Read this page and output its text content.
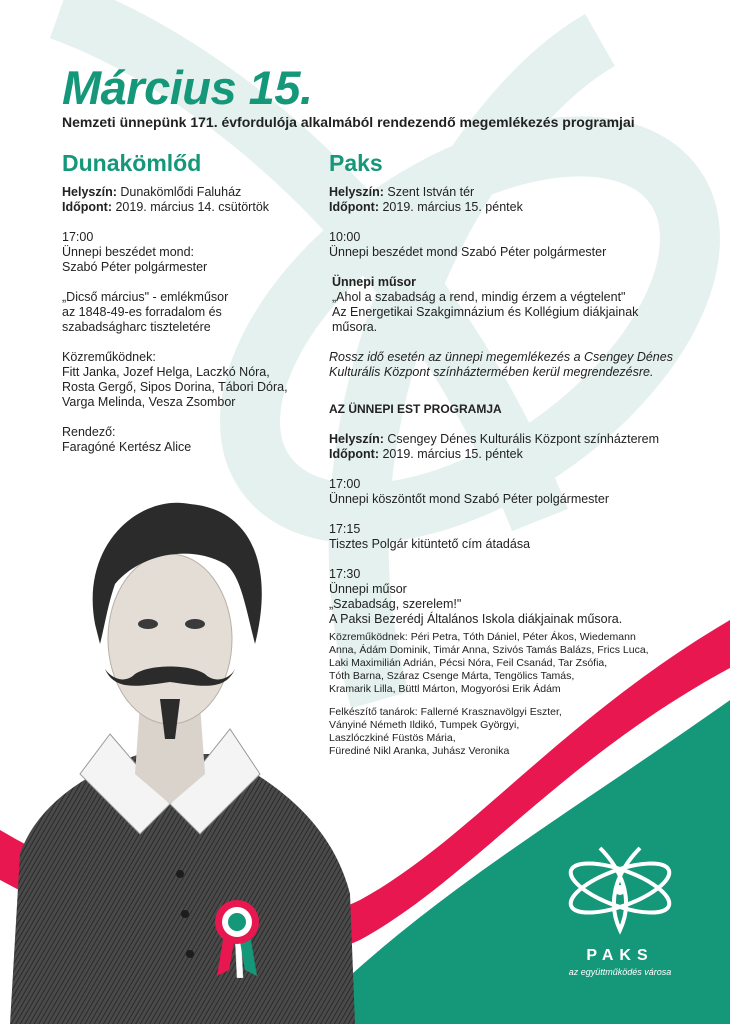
Március 15.
Nemzeti ünnepünk 171. évfordulója alkalmából rendezendő megemlékezés programjai
Dunakömlőd

Helyszín: Dunakömlődi Faluház
Időpont: 2019. március 14. csütörtök

17:00
Ünnepi beszédet mond:
Szabó Péter polgármester

„Dicső március" - emlékműsor
az 1848-49-es forradalom és
szabadságharc tiszteletére

Közreműködnek:
Fitt Janka, Jozef Helga, Laczkó Nóra,
Rosta Gergő, Sipos Dorina, Tábori Dóra,
Varga Melinda, Vesza Zsombor

Rendező:
Faragóné Kertész Alice

Paks

Helyszín: Szent István tér
Időpont: 2019. március 15. péntek

10:00
Ünnepi beszédet mond Szabó Péter polgármester

Ünnepi műsor
„Ahol a szabadság a rend, mindig érzem a végtelent"
Az Energetikai Szakgimnázium és Kollégium diákjainak
műsora.

Rossz idő esetén az ünnepi megemlékezés a Csengey Dénes
Kulturális Központ színháztermében kerül megrendezésre.

AZ ÜNNEPI EST PROGRAMJA

Helyszín: Csengey Dénes Kulturális Központ színházterem
Időpont: 2019. március 15. péntek

17:00
Ünnepi köszöntőt mond Szabó Péter polgármester

17:15
Tisztes Polgár kitüntető cím átadása

17:30
Ünnepi műsor
„Szabadság, szerelem!"
A Paksi Bezerédj Általános Iskola diákjainak műsora.

Közreműködnek: Péri Petra, Tóth Dániel, Péter Ákos, Wiedemann
Anna, Ádám Dominik, Timár Anna, Szivós Tamás Balázs, Frics Luca,
Laki Maximilián Adrián, Pécsi Nóra, Feil Csanád, Tar Zsófia,
Tóth Barna, Száraz Csenge Márta, Tengölics Tamás,
Kramarik Lilla, Büttl Márton, Mogyorósi Erik Ádám

Felkészítő tanárok: Fallerné Krasznavölgyi Eszter,
Ványiné Németh Ildikó, Tumpek Györgyi,
Laszlóczkiné Füstös Mária,
Fürediné Nikl Aranka, Juhász Veronika

PAKS
az együttműködés városa
